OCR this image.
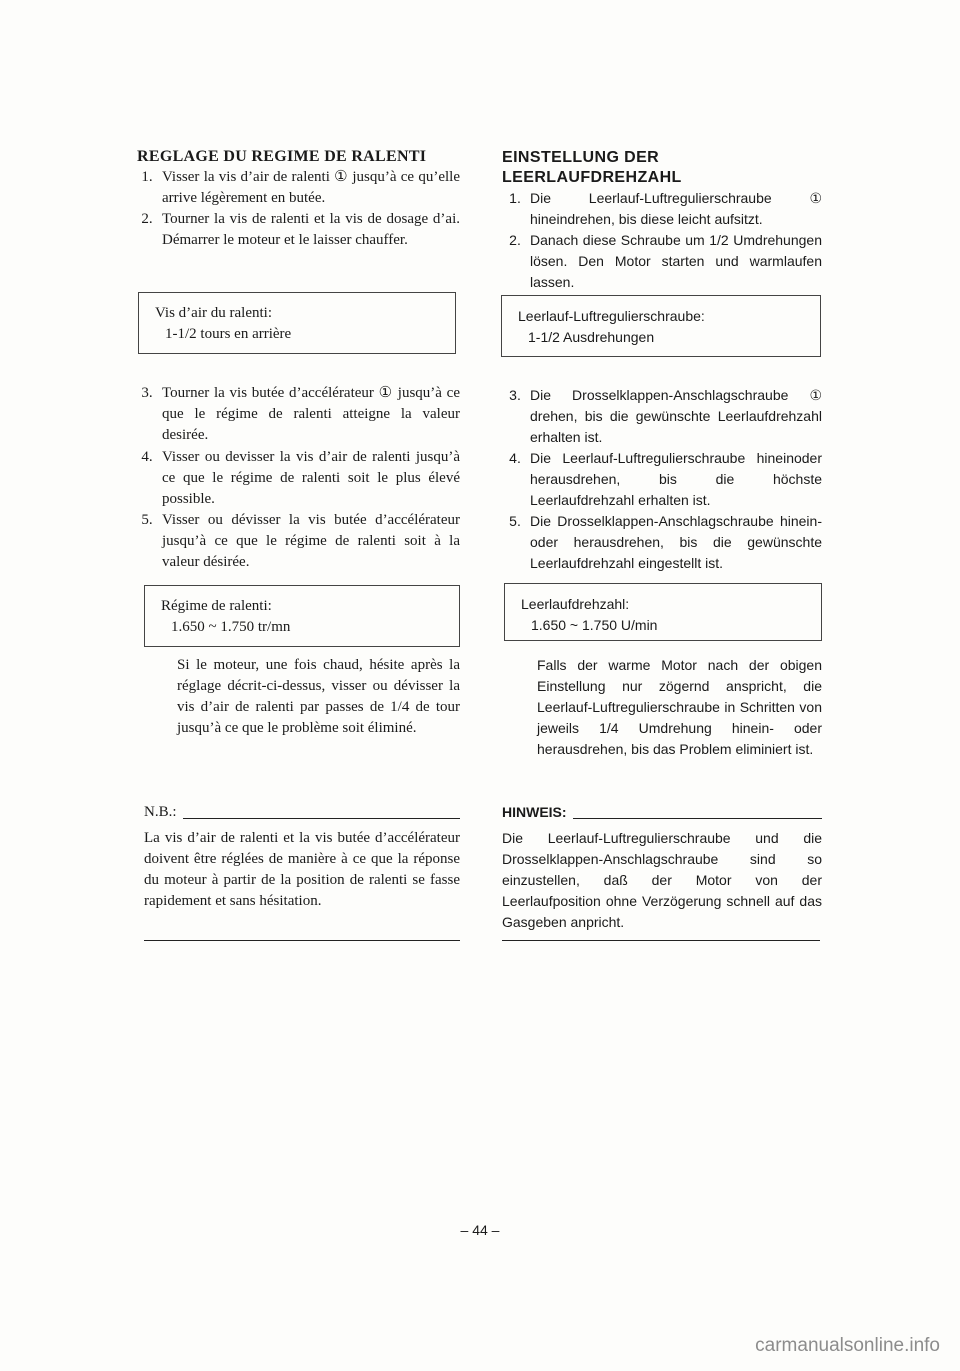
REGLAGE DU REGIME DE RALENTI
1. Visser la vis d’air de ralenti ① jusqu’à ce qu’elle arrive légèrement en butée.
2. Tourner la vis de ralenti et la vis de dosage d’ai. Démarrer le moteur et le laisser chauffer.
Vis d’air du ralenti:
1-1/2 tours en arrière
3. Tourner la vis butée d’accélérateur ① jusqu’à ce que le régime de ralenti atteigne la valeur desirée.
4. Visser ou devisser la vis d’air de ralenti jusqu’à ce que le régime de ralenti soit le plus élevé possible.
5. Visser ou dévisser la vis butée d’accélérateur jusqu’à ce que le régime de ralenti soit à la valeur désirée.
Régime de ralenti:
1.650 ~ 1.750 tr/mn
Si le moteur, une fois chaud, hésite après la réglage décrit-ci-dessus, visser ou dévisser la vis d’air de ralenti par passes de 1/4 de tour jusqu’à ce que le problème soit éliminé.
N.B.:
La vis d’air de ralenti et la vis butée d’accélérateur doivent être réglées de manière à ce que la réponse du moteur à partir de la position de ralenti se fasse rapidement et sans hésitation.
EINSTELLUNG DER
LEERLAUFDREHZAHL
1. Die Leerlauf-Luftregulierschraube ① hineindrehen, bis diese leicht aufsitzt.
2. Danach diese Schraube um 1/2 Umdrehungen lösen. Den Motor starten und warmlaufen lassen.
Leerlauf-Luftregulierschraube:
1-1/2 Ausdrehungen
3. Die Drosselklappen-Anschlagschraube ① drehen, bis die gewünschte Leerlaufdrehzahl erhalten ist.
4. Die Leerlauf-Luftregulierschraube hineinoder herausdrehen, bis die höchste Leerlaufdrehzahl erhalten ist.
5. Die Drosselklappen-Anschlagschraube hinein-oder herausdrehen, bis die gewünschte Leerlaufdrehzahl eingestellt ist.
Leerlaufdrehzahl:
1.650 ~ 1.750 U/min
Falls der warme Motor nach der obigen Einstellung nur zögernd anspricht, die Leerlauf-Luftregulierschraube in Schritten von jeweils 1/4 Umdrehung hinein- oder herausdrehen, bis das Problem eliminiert ist.
HINWEIS:
Die Leerlauf-Luftregulierschraube und die Drosselklappen-Anschlagschraube sind so einzustellen, daß der Motor von der Leerlaufposition ohne Verzögerung schnell auf das Gasgeben anpricht.
– 44 –
carmanualsonline.info
